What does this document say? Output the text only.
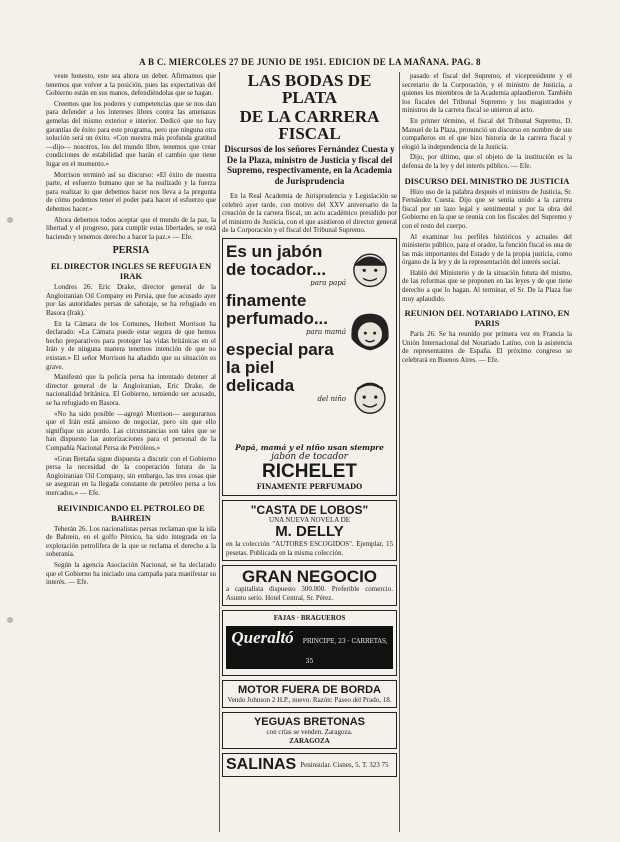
A B C. MIERCOLES 27 DE JUNIO DE 1951. EDICION DE LA MAÑANA. PAG. 8

veste honesto, este sea ahora un deber. Afirmamos que tenemos que volver a la posición, pues las expectativas del Gobierno están en sus manos, defendiéndolas que se hagan.

Creemos que los poderes y competencias que se nos dan para defender a los intereses libres contra las amenazas gemelas del mismo exterior e interior. Dedicó que no hay garantías de éxito para este programa, pero que ninguna otra solución será un éxito. «Con nuestra más profunda gratitud —dijo— nosotros, los del mundo libre, tenemos que crear condiciones de estabilidad que harán el cambio que tiene lugar en el momento.»

Morrison terminó así su discurso: «El éxito de nuestra parte, el esfuerzo humano que se ha realizado y la fuerza para realizar lo que debemos hacer nos lleva a la pregunta de cómo podemos tener el poder para hacer el esfuerzo que debemos hacer.»

Ahora debemos todos aceptar que el mundo de la paz, la libertad y el progreso, para cumplir estas libertades, se está haciendo y tenemos derecho a hacer la paz.» — Efe.

PERSIA
EL DIRECTOR INGLES SE REFUGIA EN IRAK

Londres 26. Eric Drake, director general de la Angloiranian Oil Company en Persia, que fue acusado ayer por las autoridades persas de sabotaje, se ha refugiado en Basora (Irak).

En la Cámara de los Comunes, Herbert Morrison ha declarado: «La Cámara puede estar segura de que hemos hecho preparativos para proteger las vidas británicas en el Irán y de ninguna manera tenemos intención de que no existan.» El señor Morrison ha añadido que su situación es grave.

Manifestó que la policía persa ha intentado detener al director general de la Angloiranian, Eric Drake, de nacionalidad británica. El Gobierno, temiendo ser acusado, se ha refugiado en Basora.

«No ha sido posible —agregó Morrison— asegurarnos que el Irán está ansioso de negociar, pero sin que ello signifique un acuerdo. Las circunstancias son tales que se han dispuesto las autorizaciones para el personal de la Compañía Nacional Persa de Petróleos.»

«Gran Bretaña sigue dispuesta a discutir con el Gobierno persa la necesidad de la cooperación futura de la Angloiranian Oil Company, sin embargo, las tres cosas que se aseguran en la llegada constante de petróleo persa a los mercados.» — Efe.

REIVINDICANDO EL PETROLEO DE BAHREIN

Teherán 26. Los nacionalistas persas reclaman que la isla de Bahrein, en el golfo Pérsico, ha sido integrada en la explotación petrolífera de la que se reclama el derecho a la soberanía.

Según la agencia Asociación Nacional, se ha declarado que el Gobierno ha iniciado una campaña para manifestar su interés. — Efe.

LAS BODAS DE PLATA
DE LA CARRERA FISCAL
Discursos de los señores Fernández Cuesta y De la Plaza, ministro de Justicia y fiscal del Supremo, respectivamente, en la Academia de Jurisprudencia

En la Real Academia de Jurisprudencia y Legislación se celebró ayer tarde, con motivo del XXV aniversario de la creación de la carrera fiscal, un acto académico presidido por el ministro de Justicia, con el que asistieron el director general de la Corporación y el fiscal del Tribunal Supremo.

Es un jabón de tocador...

para papá

finamente perfumado...

para mamá

especial para la piel delicada

del niño

Papá, mamá y el niño usan siempre
jabón de tocador
RICHELET
FINAMENTE PERFUMADO
"CASTA DE LOBOS"
UNA NUEVA NOVELA DE
M. DELLY
en la colección "AUTORES ESCOGIDOS". Ejemplar, 15 pesetas. Publicada en la misma colección.
GRAN NEGOCIO
a capitalista dispuesto 300.000. Preferible comercio. Asunto serio. Hotel Central, Sr. Pérez.
FAJAS · BRAGUEROS
Queraltó PRINCIPE, 23 · CARRETAS, 35
MOTOR FUERA DE BORDA
Vendo Johnson 2 H.P., nuevo. Razón: Paseo del Prado, 18.
YEGUAS BRETONAS
con crías se venden. Zaragoza.
ZARAGOZA
SALINAS Peninsular. Cisnes, 5. T. 323 75

pasado el fiscal del Supremo, el vicepresidente y el secretario de la Corporación, y el ministro de Justicia, a quienes los miembros de la Academia aplaudieron. También los fiscales del Tribunal Supremo y los magistrados y ministros de la carrera fiscal se unieron al acto.

En primer término, el fiscal del Tribunal Supremo, D. Manuel de la Plaza, pronunció un discurso en nombre de sus compañeros en el que hizo historia de la carrera fiscal y elogió la independencia de la Justicia.

Dijo, por último, que el objeto de la institución es la defensa de la ley y del interés público. — Efe.

DISCURSO DEL MINISTRO DE JUSTICIA

Hizo uso de la palabra después el ministro de Justicia, Sr. Fernández Cuesta. Dijo que se sentía unido a la carrera fiscal por un lazo legal y sentimental y por la obra del Gobierno en la que se reunía con los fiscales del Supremo y con el resto del cuerpo.

Al examinar los perfiles históricos y actuales del ministerio público, para el orador, la función fiscal es una de las más importantes del Estado y de la propia justicia, como órgano de la ley y de la representación del interés social.

Habló del Ministerio y de la situación futura del mismo, de las reformas que se proponen en las leyes y de que tiene derecho a que lo hagan. Al terminar, el Sr. De la Plaza fue muy aplaudido.

REUNION DEL NOTARIADO LATINO, EN PARIS

París 26. Se ha reunido por primera vez en Francia la Unión Internacional del Notariado Latino, con la asistencia de representantes de España. El próximo congreso se celebrará en Buenos Aires. — Efe.
